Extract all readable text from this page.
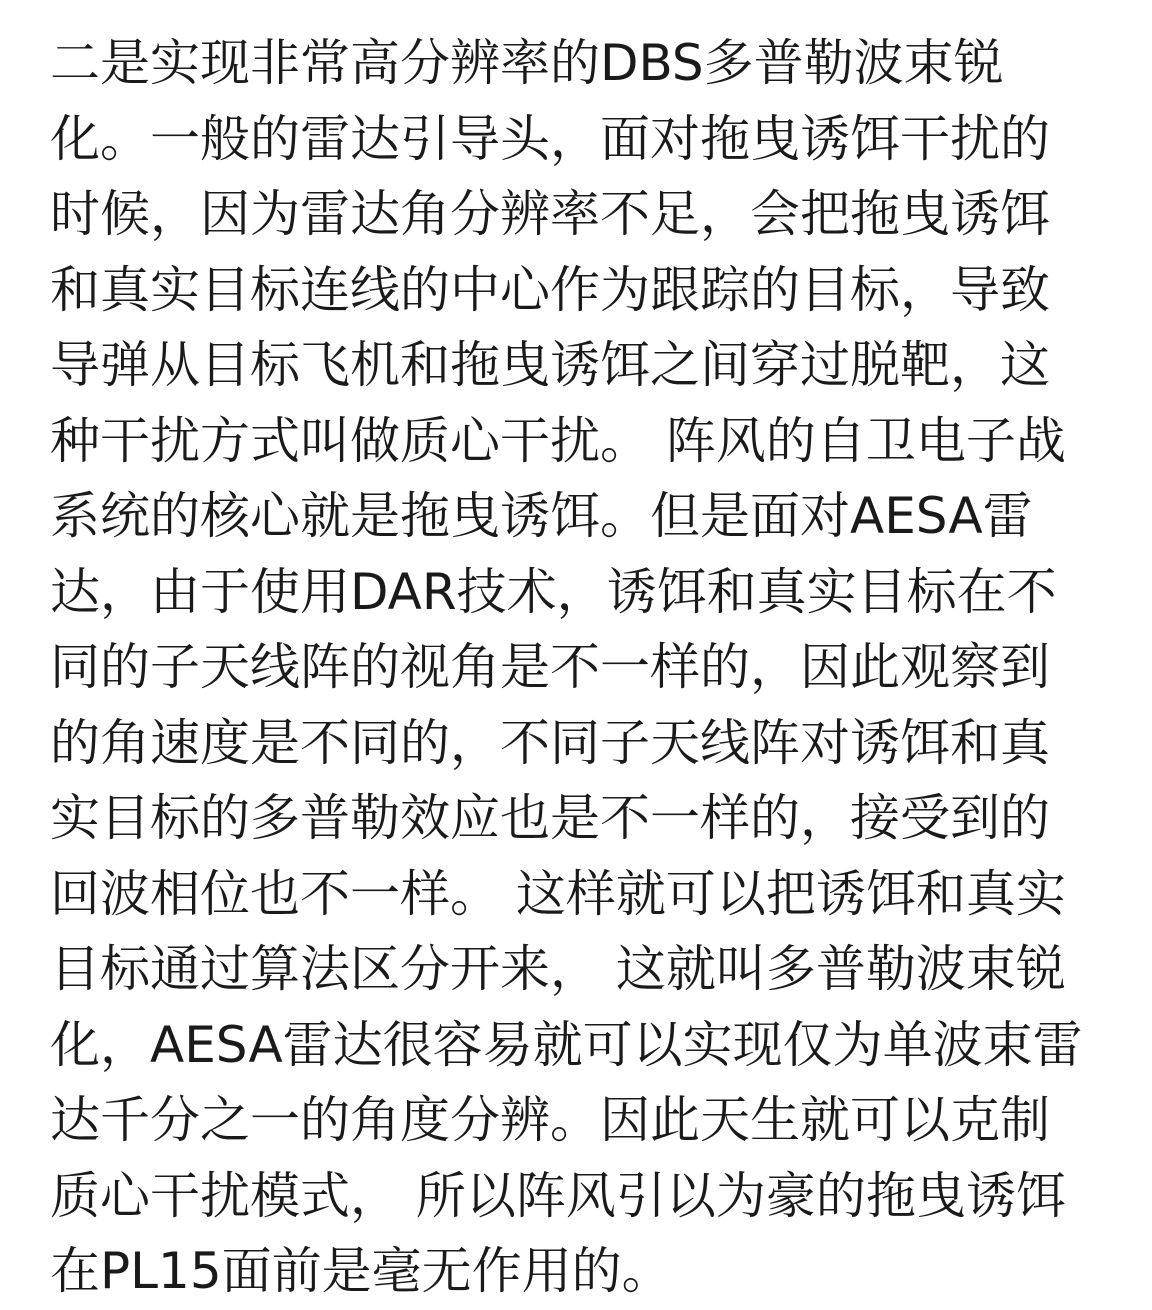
二是实现非常高分辨率的DBS多普勒波束锐
化。一般的雷达引导头，面对拖曳诱饵干扰的
时候，因为雷达角分辨率不足，会把拖曳诱饵
和真实目标连线的中心作为跟踪的目标，导致
导弹从目标飞机和拖曳诱饵之间穿过脱靶，这
种干扰方式叫做质心干扰。 阵风的自卫电子战
系统的核心就是拖曳诱饵。但是面对AESA雷
达，由于使用DAR技术，诱饵和真实目标在不
同的子天线阵的视角是不一样的，因此观察到
的角速度是不同的，不同子天线阵对诱饵和真
实目标的多普勒效应也是不一样的，接受到的
回波相位也不一样。 这样就可以把诱饵和真实
目标通过算法区分开来， 这就叫多普勒波束锐
化，AESA雷达很容易就可以实现仅为单波束雷
达千分之一的角度分辨。因此天生就可以克制
质心干扰模式， 所以阵风引以为豪的拖曳诱饵
在PL15面前是毫无作用的。
